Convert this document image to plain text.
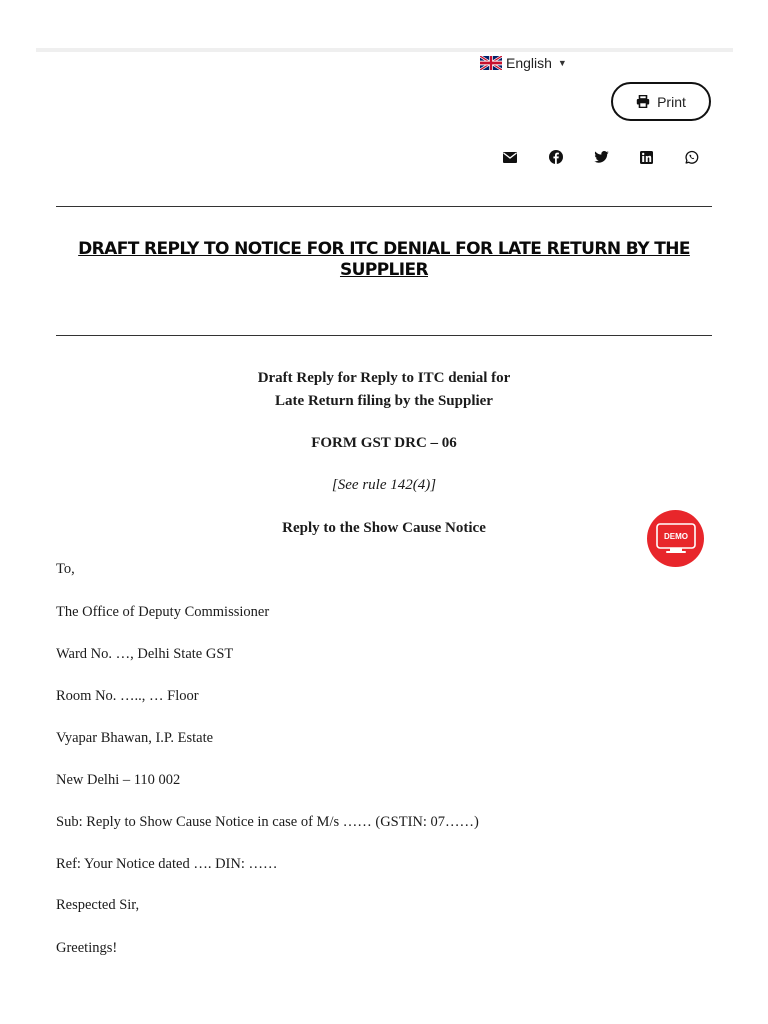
English ▼
Print
DRAFT REPLY TO NOTICE FOR ITC DENIAL FOR LATE RETURN BY THE SUPPLIER
Draft Reply for Reply to ITC denial for
Late Return filing by the Supplier
FORM GST DRC – 06
[See rule 142(4)]
Reply to the Show Cause Notice
To,
The Office of Deputy Commissioner
Ward No. …, Delhi State GST
Room No. ….., … Floor
Vyapar Bhawan, I.P. Estate
New Delhi – 110 002
Sub: Reply to Show Cause Notice in case of M/s …… (GSTIN: 07……)
Ref: Your Notice dated …. DIN: ……
Respected Sir,
Greetings!
DEMO
